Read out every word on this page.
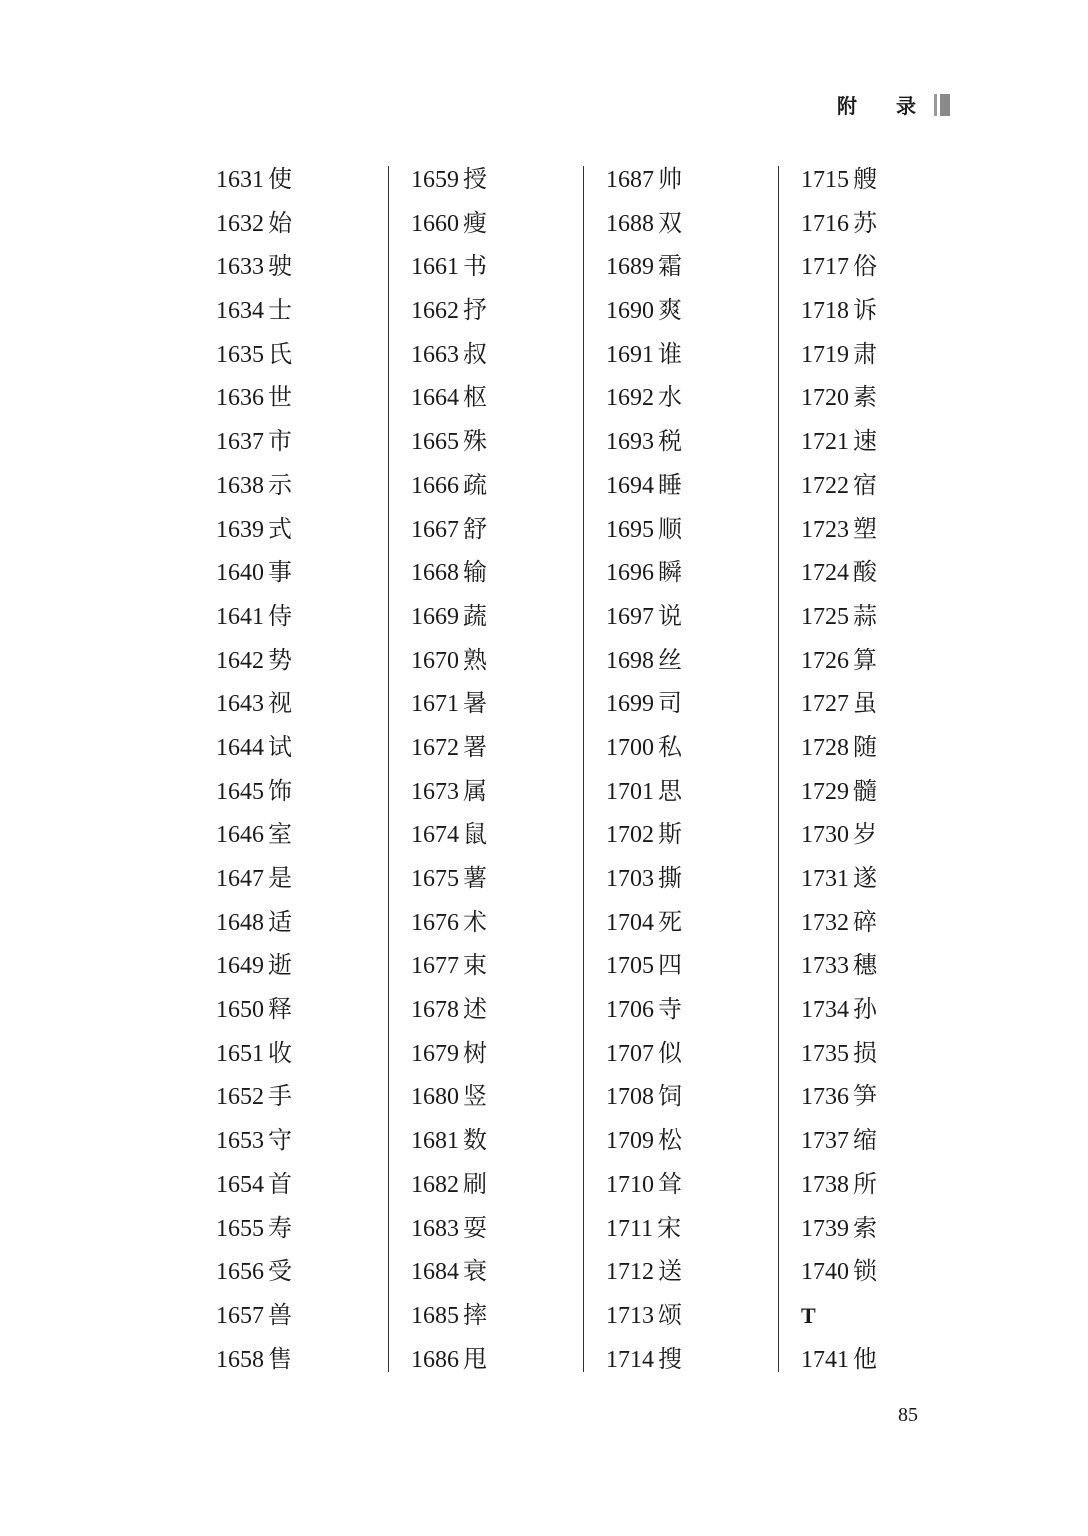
附 录
1631 使
1632 始
1633 驶
1634 士
1635 氏
1636 世
1637 市
1638 示
1639 式
1640 事
1641 侍
1642 势
1643 视
1644 试
1645 饰
1646 室
1647 是
1648 适
1649 逝
1650 释
1651 收
1652 手
1653 守
1654 首
1655 寿
1656 受
1657 兽
1658 售
1659 授
1660 瘦
1661 书
1662 抒
1663 叔
1664 枢
1665 殊
1666 疏
1667 舒
1668 输
1669 蔬
1670 熟
1671 暑
1672 署
1673 属
1674 鼠
1675 薯
1676 术
1677 束
1678 述
1679 树
1680 竖
1681 数
1682 刷
1683 耍
1684 衰
1685 摔
1686 甩
1687 帅
1688 双
1689 霜
1690 爽
1691 谁
1692 水
1693 税
1694 睡
1695 顺
1696 瞬
1697 说
1698 丝
1699 司
1700 私
1701 思
1702 斯
1703 撕
1704 死
1705 四
1706 寺
1707 似
1708 饲
1709 松
1710 耸
1711 宋
1712 送
1713 颂
1714 搜
1715 艘
1716 苏
1717 俗
1718 诉
1719 肃
1720 素
1721 速
1722 宿
1723 塑
1724 酸
1725 蒜
1726 算
1727 虽
1728 随
1729 髓
1730 岁
1731 遂
1732 碎
1733 穗
1734 孙
1735 损
1736 笋
1737 缩
1738 所
1739 索
1740 锁
T
1741 他
85
